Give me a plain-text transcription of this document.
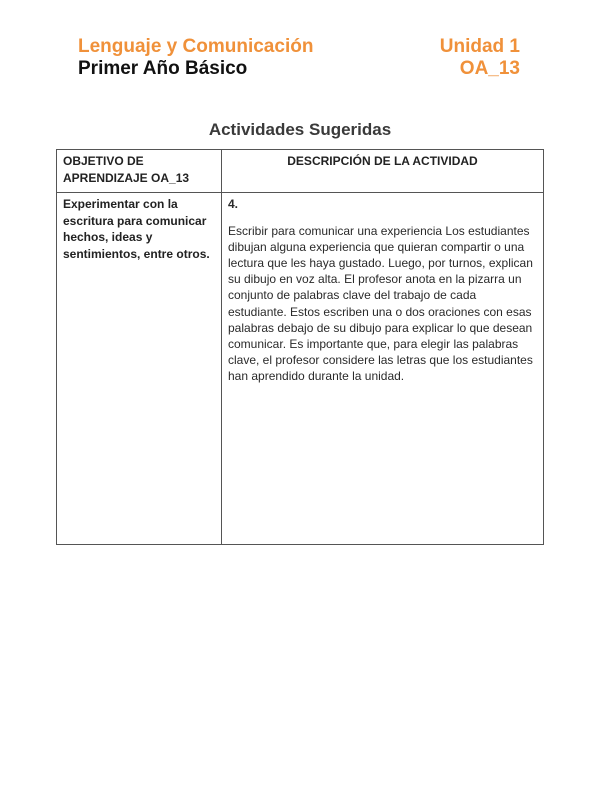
Lenguaje y Comunicación	Unidad 1
Primer Año Básico	OA_13
Actividades Sugeridas
OBJETIVO DE APRENDIZAJE OA_13	DESCRIPCIÓN DE LA ACTIVIDAD
Experimentar con la escritura para comunicar hechos, ideas y sentimientos, entre otros.	4.
Escribir para comunicar una experiencia Los estudiantes dibujan alguna experiencia que quieran compartir o una lectura que les haya gustado. Luego, por turnos, explican su dibujo en voz alta. El profesor anota en la pizarra un conjunto de palabras clave del trabajo de cada estudiante. Estos escriben una o dos oraciones con esas palabras debajo de su dibujo para explicar lo que desean comunicar. Es importante que, para elegir las palabras clave, el profesor considere las letras que los estudiantes han aprendido durante la unidad.
